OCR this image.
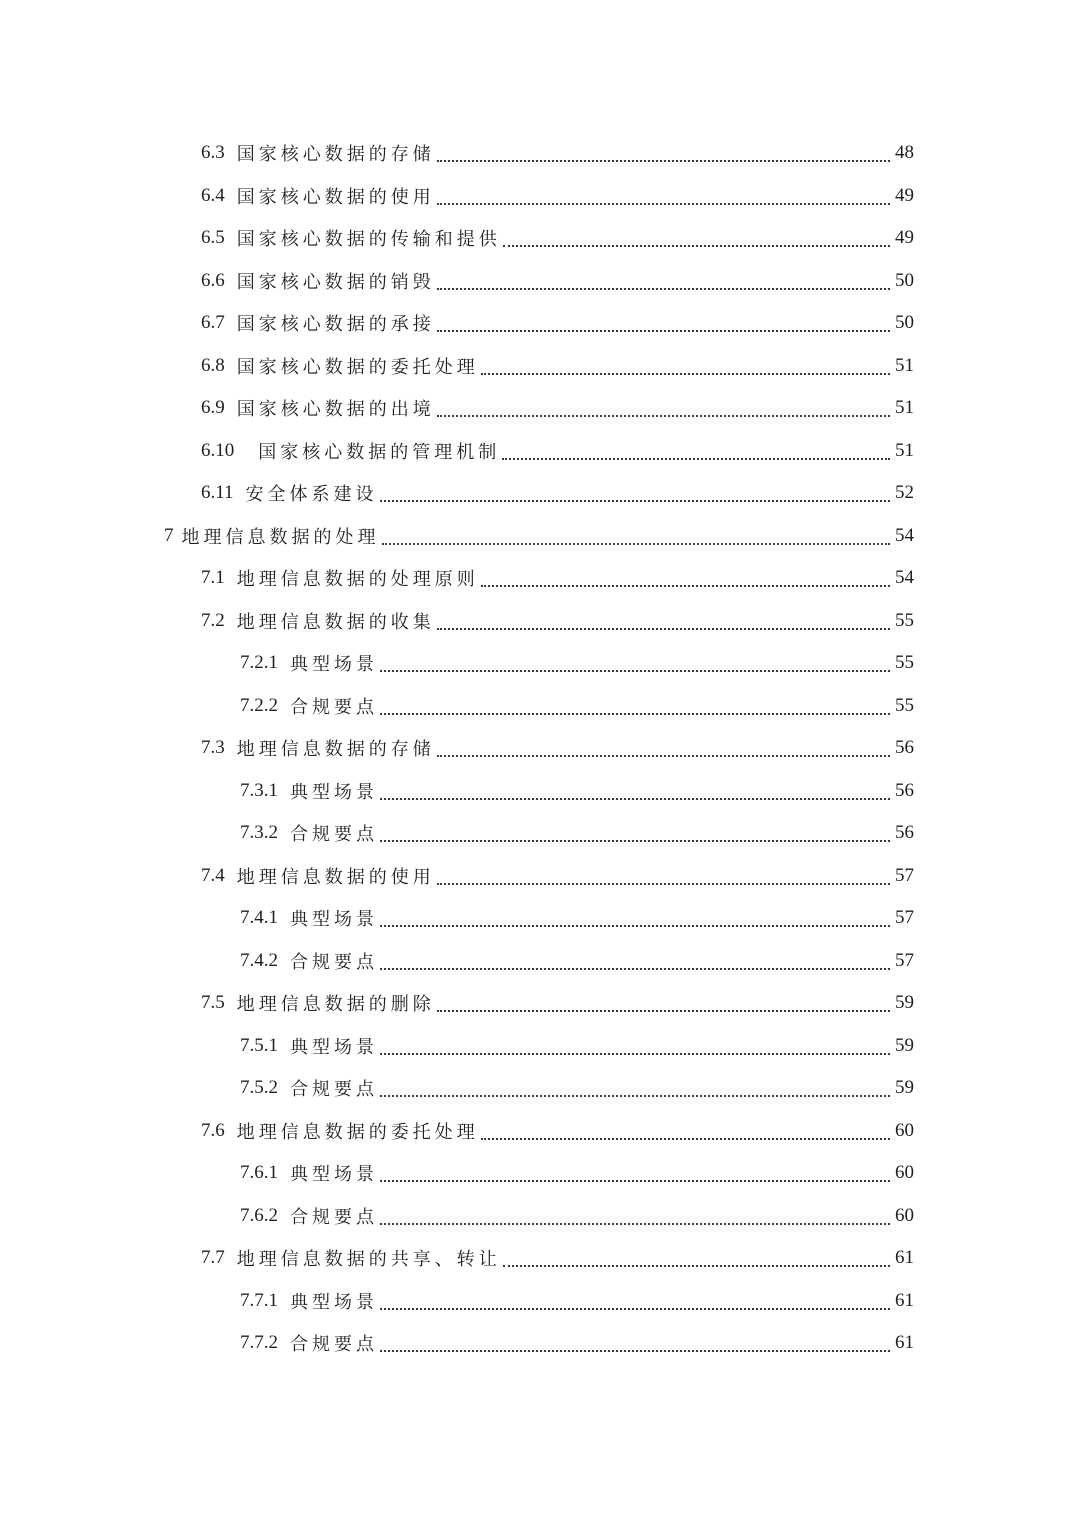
6.3 国家核心数据的存储	48
6.4 国家核心数据的使用	49
6.5 国家核心数据的传输和提供	49
6.6 国家核心数据的销毁	50
6.7 国家核心数据的承接	50
6.8 国家核心数据的委托处理	51
6.9 国家核心数据的出境	51
6.10 国家核心数据的管理机制	51
6.11 安全体系建设	52
7 地理信息数据的处理	54
7.1 地理信息数据的处理原则	54
7.2 地理信息数据的收集	55
7.2.1 典型场景	55
7.2.2 合规要点	55
7.3 地理信息数据的存储	56
7.3.1 典型场景	56
7.3.2 合规要点	56
7.4 地理信息数据的使用	57
7.4.1 典型场景	57
7.4.2 合规要点	57
7.5 地理信息数据的删除	59
7.5.1 典型场景	59
7.5.2 合规要点	59
7.6 地理信息数据的委托处理	60
7.6.1 典型场景	60
7.6.2 合规要点	60
7.7 地理信息数据的共享、转让	61
7.7.1 典型场景	61
7.7.2 合规要点	61
